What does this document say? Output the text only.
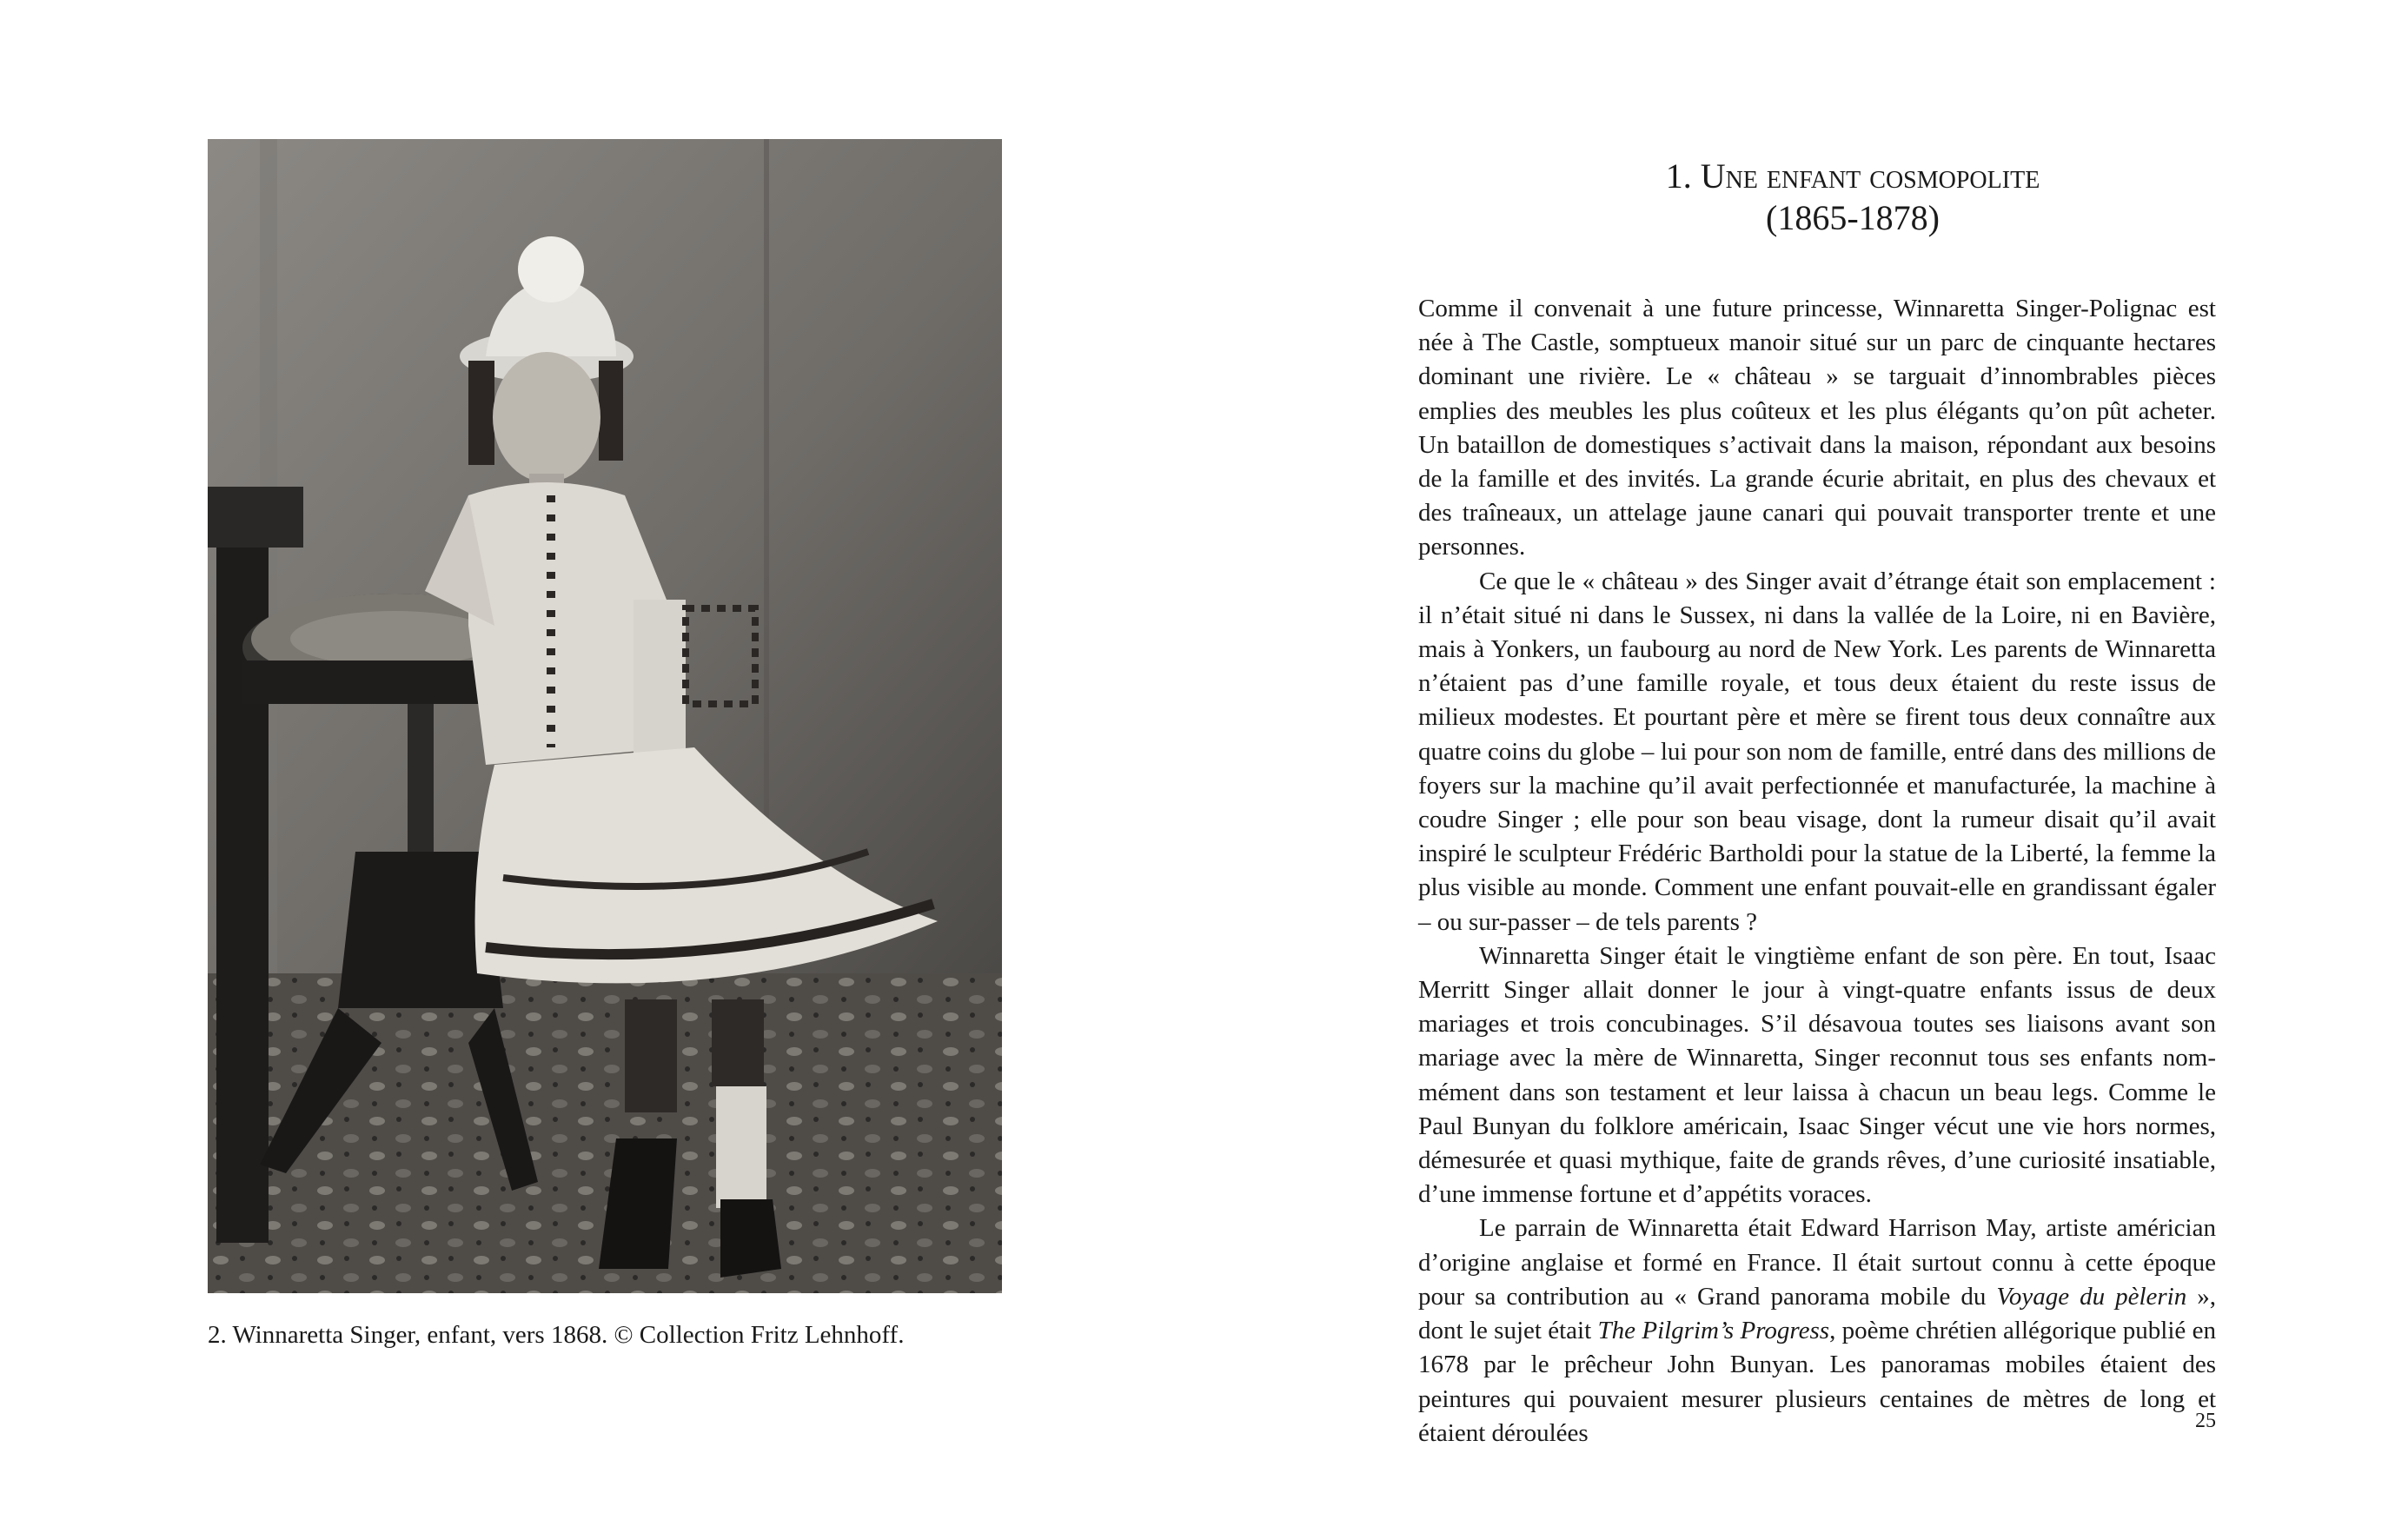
2. Winnaretta Singer, enfant, vers 1868. © Collection Fritz Lehnhoff.
1. Une enfant cosmopolite
(1865-1878)

Comme il convenait à une future princesse, Winnaretta Singer-Polignac est née à The Castle, somptueux manoir situé sur un parc de cinquante hectares dominant une rivière. Le « château » se targuait d’innombrables pièces emplies des meubles les plus coûteux et les plus élégants qu’on pût acheter. Un bataillon de domestiques s’activait dans la maison, répondant aux besoins de la famille et des invités. La grande écurie abritait, en plus des chevaux et des traîneaux, un attelage jaune canari qui pouvait transporter trente et une personnes.

Ce que le « château » des Singer avait d’étrange était son emplacement : il n’était situé ni dans le Sussex, ni dans la vallée de la Loire, ni en Bavière, mais à Yonkers, un faubourg au nord de New York. Les parents de Winnaretta n’étaient pas d’une famille royale, et tous deux étaient du reste issus de milieux modestes. Et pourtant père et mère se firent tous deux connaître aux quatre coins du globe – lui pour son nom de famille, entré dans des millions de foyers sur la machine qu’il avait perfectionnée et manufacturée, la machine à coudre Singer ; elle pour son beau visage, dont la rumeur disait qu’il avait inspiré le sculpteur Frédéric Bartholdi pour la statue de la Liberté, la femme la plus visible au monde. Comment une enfant pouvait-elle en grandissant égaler – ou sur-passer – de tels parents ?

Winnaretta Singer était le vingtième enfant de son père. En tout, Isaac Merritt Singer allait donner le jour à vingt-quatre enfants issus de deux mariages et trois concubinages. S’il désavoua toutes ses liaisons avant son mariage avec la mère de Winnaretta, Singer reconnut tous ses enfants nom-mément dans son testament et leur laissa à chacun un beau legs. Comme le Paul Bunyan du folklore américain, Isaac Singer vécut une vie hors normes, démesurée et quasi mythique, faite de grands rêves, d’une curiosité insatiable, d’une immense fortune et d’appétits voraces.

Le parrain de Winnaretta était Edward Harrison May, artiste américian d’origine anglaise et formé en France. Il était surtout connu à cette époque pour sa contribution au « Grand panorama mobile du Voyage du pèlerin », dont le sujet était The Pilgrim’s Progress, poème chrétien allégorique publié en 1678 par le prêcheur John Bunyan. Les panoramas mobiles étaient des peintures qui pouvaient mesurer plusieurs centaines de mètres de long et étaient déroulées	25
